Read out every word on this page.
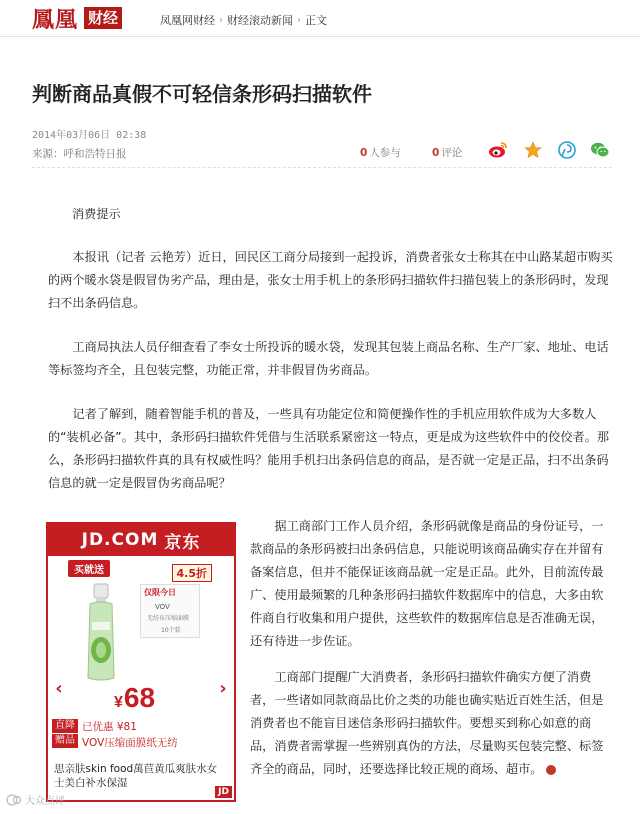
鳳凰 财经	凤凰网财经 › 财经滚动新闻 › 正文
判断商品真假不可轻信条形码扫描软件
2014年03月06日 02:38
来源：呼和浩特日报	0 人参与	0 评论

消费提示

本报讯（记者 云艳芳）近日，回民区工商分局接到一起投诉，消费者张女士称其在中山路某超市购买的两个暖水袋是假冒伪劣产品，理由是，张女士用手机上的条形码扫描软件扫描包装上的条形码时，发现扫不出条码信息。

工商局执法人员仔细查看了李女士所投诉的暖水袋，发现其包装上商品名称、生产厂家、地址、电话等标签均齐全，且包装完整，功能正常，并非假冒伪劣商品。

记者了解到，随着智能手机的普及，一些具有功能定位和简便操作性的手机应用软件成为大多数人的“装机必备”。其中，条形码扫描软件凭借与生活联系紧密这一特点，更是成为这些软件中的佼佼者。那么，条形码扫描软件真的具有权威性吗？能用手机扫出条码信息的商品，是否就一定是正品，扫不出条码信息的就一定是假冒伪劣商品呢？

据工商部门工作人员介绍，条形码就像是商品的身份证号，一款商品的条形码被扫出条码信息，只能说明该商品确实存在并留有备案信息，但并不能保证该商品就一定是正品。此外，目前流传最广、使用最频繁的几种条形码扫描软件数据库中的信息，大多由软件商自行收集和用户提供，这些软件的数据库信息是否准确无误，还有待进一步佐证。

工商部门提醒广大消费者，条形码扫描软件确实方便了消费者，一些诸如同款商品比价之类的功能也确实贴近百姓生活，但是消费者也不能盲目迷信条形码扫描软件。要想买到称心如意的商品，消费者需掌握一些辨别真伪的方法，尽量购买包装完整、标签齐全的商品，同时，还要选择比较正规的商场、超市。

JD.COM 京东
买就送	4.5折
仅限今日
VOV
无纺布压缩面膜
10个装
‹	›
¥68
直降
赠品
已优惠 ¥81
VOV压缩面膜纸无纺
思亲肤skin food萬苣黄瓜爽肤水女士美白补水保湿
JD
大众点评
